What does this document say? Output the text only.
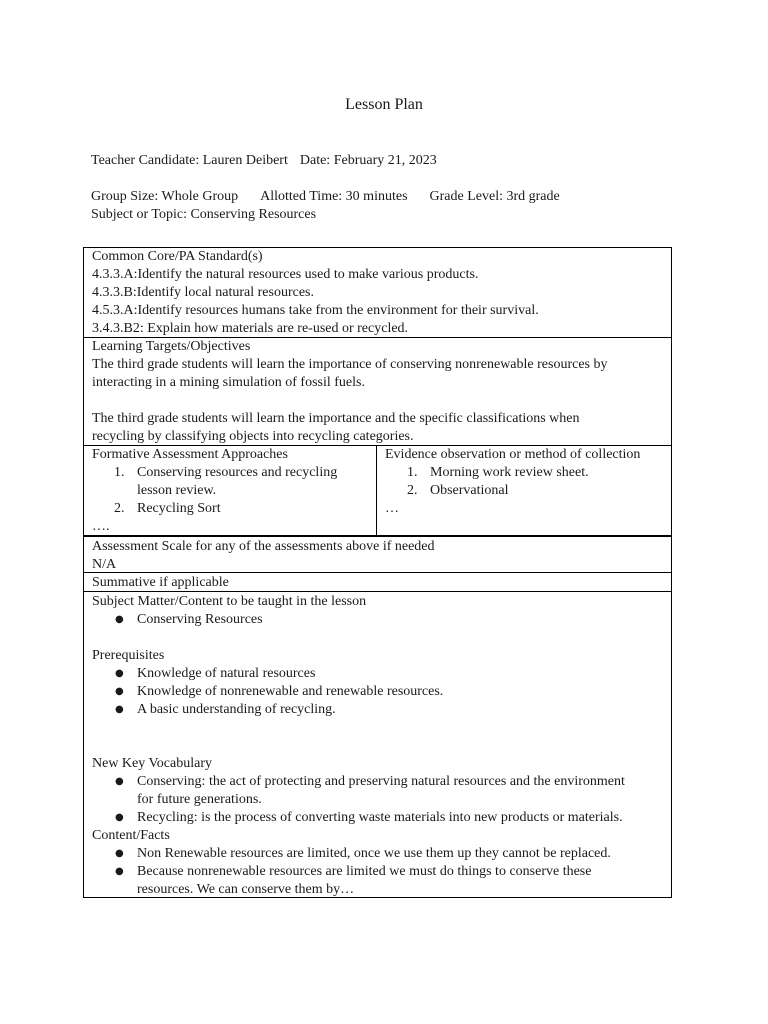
Lesson Plan
Teacher Candidate: Lauren Deibert Date: February 21, 2023
Group Size: Whole Group Allotted Time: 30 minutes Grade Level: 3rd grade
Subject or Topic: Conserving Resources
Common Core/PA Standard(s)
4.3.3.A:Identify the natural resources used to make various products.
4.3.3.B:Identify local natural resources.
4.5.3.A:Identify resources humans take from the environment for their survival.
3.4.3.B2: Explain how materials are re-used or recycled.
Learning Targets/Objectives
The third grade students will learn the importance of conserving nonrenewable resources by
interacting in a mining simulation of fossil fuels.
The third grade students will learn the importance and the specific classifications when
recycling by classifying objects into recycling categories.
Formative Assessment Approaches
1. Conserving resources and recycling
lesson review.
2. Recycling Sort
….
Evidence observation or method of collection
1. Morning work review sheet.
2. Observational
…
Assessment Scale for any of the assessments above if needed
N/A
Summative if applicable
Subject Matter/Content to be taught in the lesson
● Conserving Resources
Prerequisites
● Knowledge of natural resources
● Knowledge of nonrenewable and renewable resources.
● A basic understanding of recycling.
New Key Vocabulary
● Conserving: the act of protecting and preserving natural resources and the environment
for future generations.
● Recycling: is the process of converting waste materials into new products or materials.
Content/Facts
● Non Renewable resources are limited, once we use them up they cannot be replaced.
● Because nonrenewable resources are limited we must do things to conserve these
resources. We can conserve them by…
